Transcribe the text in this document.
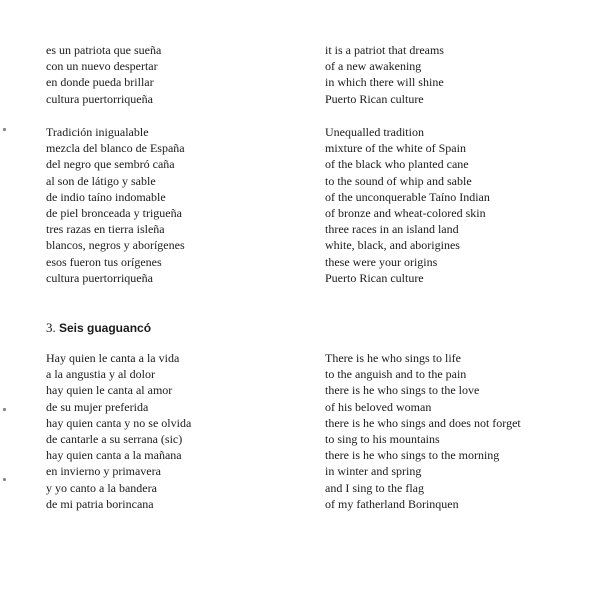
es un patriota que sueña
con un nuevo despertar
en donde pueda brillar
cultura puertorriqueña
it is a patriot that dreams
of a new awakening
in which there will shine
Puerto Rican culture
Tradición inigualable
mezcla del blanco de España
del negro que sembró caña
al son de látigo y sable
de indio taíno indomable
de piel bronceada y trigueña
tres razas en tierra isleña
blancos, negros y aborígenes
esos fueron tus orígenes
cultura puertorriqueña
Unequalled tradition
mixture of the white of Spain
of the black who planted cane
to the sound of whip and sable
of the unconquerable Taíno Indian
of bronze and wheat-colored skin
three races in an island land
white, black, and aborigines
these were your origins
Puerto Rican culture
3. Seis guaguancó
Hay quien le canta a la vida
a la angustia y al dolor
hay quien le canta al amor
de su mujer preferida
hay quien canta y no se olvida
de cantarle a su serrana (sic)
hay quien canta a la mañana
en invierno y primavera
y yo canto a la bandera
de mi patria borincana
There is he who sings to life
to the anguish and to the pain
there is he who sings to the love
of his beloved woman
there is he who sings and does not forget
to sing to his mountains
there is he who sings to the morning
in winter and spring
and I sing to the flag
of my fatherland Borinquen
